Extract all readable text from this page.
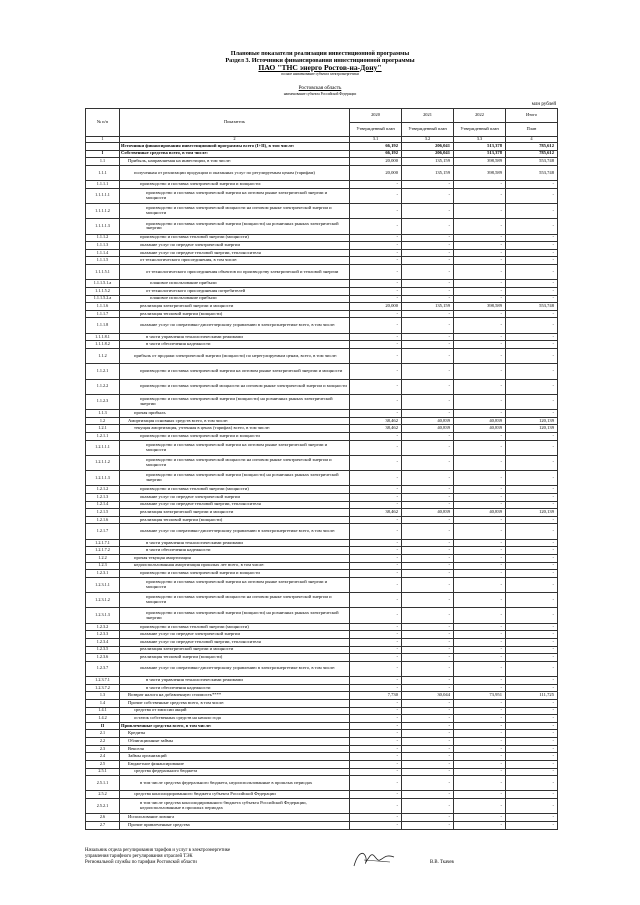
Плановые показатели реализации инвестиционной программы
Раздел 3. Источники финансирования инвестиционной программы
ПАО "ТНС энерго Ростов-на-Дону"
полное наименование субъекта электроэнергетики
Ростовская область
наименование субъекта Российской Федерации
млн рублей
№ п/п	Показатель	2020	2021	2022	Итого
		Утвержденный план	Утвержденный план	Утвержденный план	План
1	2	3.1	3.2	3.3	4
	Источники финансирования инвестиционной программы всего (I+II), в том числе:	66,192	206,041	513,378	785,612
I	Собственные средства всего, в том числе:	66,192	206,041	513,378	785,612
1.1	Прибыль, направляемая на инвестиции, в том числе:	20,000	135,159	398,589	553,748
1.1.1	полученная от реализации продукции и оказанных услуг по регулируемым ценам (тарифам)	20,000	135,159	398,589	553,748
1.1.1.1	производство и поставка электрической энергии и мощности:	-	-	-	-
1.1.1.1.1	производство и поставка электрической энергии на оптовом рынке электрической энергии и мощности	-	-	-	-
1.1.1.1.2	производство и поставка электрической мощности на оптовом рынке электрической энергии и мощности	-	-	-	-
1.1.1.1.3	производство и поставка электрической энергии (мощности) на розничных рынках электрической энергии	-	-	-	-
1.1.1.2	производство и поставка тепловой энергии (мощности)	-	-	-	-
1.1.1.3	оказание услуг по передаче электрической энергии	-	-	-	-
1.1.1.4	оказание услуг по передаче тепловой энергии, теплоносителя	-	-	-	-
1.1.1.5	от технологического присоединения, в том числе:	-	-	-	-
1.1.1.5.1	от технологического присоединения объектов по производству электрической и тепловой энергии	-	-	-	-
1.1.1.5.1.a	плановое использование прибыли	-	-	-	-
1.1.1.5.2	от технологического присоединения потребителей	-	-	-	-
1.1.1.5.2.a	плановое использование прибыли	-	-	-	-
1.1.1.6	реализация электрической энергии и мощности	20,000	135,159	398,589	553,748
1.1.1.7	реализация тепловой энергии (мощности)	-	-	-	-
1.1.1.8	оказание услуг по оперативно-диспетчерскому управлению в электроэнергетике всего, в том числе:	-	-	-	-
1.1.1.8.1	в части управления технологическими режимами	-	-	-	-
1.1.1.8.2	в части обеспечения надежности	-	-	-	-
1.1.2	прибыль от продажи электрической энергии (мощности) по нерегулируемым ценам, всего, в том числе:	-	-	-	-
1.1.2.1	производство и поставка электрической энергии на оптовом рынке электрической энергии и мощности	-	-	-	-
1.1.2.2	производство и поставка электрической мощности на оптовом рынке электрической энергии и мощности	-	-	-	-
1.1.2.3	производство и поставка электрической энергии (мощности) на розничных рынках электрической энергии	-	-	-	-
1.1.3	прочая прибыль	-	-	-	-
1.2	Амортизация основных средств всего, в том числе:	38,462	40,839	40,839	120,139
1.2.1	текущая амортизация, учтенная в ценах (тарифах) всего, в том числе:	38,462	40,839	40,839	120,139
1.2.1.1	производство и поставка электрической энергии и мощности	-	-	-	-
1.2.1.1.1	производство и поставка электрической энергии на оптовом рынке электрической энергии и мощности	-	-	-	-
1.2.1.1.2	производство и поставка электрической мощности на оптовом рынке электрической энергии и мощности	-	-	-	-
1.2.1.1.3	производство и поставка электрической энергии (мощности) на розничных рынках электрической энергии	-	-	-	-
1.2.1.2	производство и поставка тепловой энергии (мощности)	-	-	-	-
1.2.1.3	оказание услуг по передаче электрической энергии	-	-	-	-
1.2.1.4	оказание услуг по передаче тепловой энергии, теплоносителя	-	-	-	-
1.2.1.5	реализация электрической энергии и мощности	38,462	40,839	40,839	120,139
1.2.1.6	реализация тепловой энергии (мощности)	-	-	-	-
1.2.1.7	оказание услуг по оперативно-диспетчерскому управлению в электроэнергетике всего, в том числе:	-	-	-	-
1.2.1.7.1	в части управления технологическими режимами	-	-	-	-
1.2.1.7.2	в части обеспечения надежности	-	-	-	-
1.2.2	прочая текущая амортизация	-	-	-	-
1.2.3	недоиспользованная амортизация прошлых лет всего, в том числе:	-	-	-	-
1.2.3.1	производство и поставка электрической энергии и мощности	-	-	-	-
1.2.3.1.1	производство и поставка электрической энергии на оптовом рынке электрической энергии и мощности	-	-	-	-
1.2.3.1.2	производство и поставка электрической мощности на оптовом рынке электрической энергии и мощности	-	-	-	-
1.2.3.1.3	производство и поставка электрической энергии (мощности) на розничных рынках электрической энергии	-	-	-	-
1.2.3.2	производство и поставка тепловой энергии (мощности)	-	-	-	-
1.2.3.3	оказание услуг по передаче электрической энергии	-	-	-	-
1.2.3.4	оказание услуг по передаче тепловой энергии, теплоносителя	-	-	-	-
1.2.3.5	реализация электрической энергии и мощности	-	-	-	-
1.2.3.6	реализация тепловой энергии (мощности)	-	-	-	-
1.2.3.7	оказание услуг по оперативно-диспетчерскому управлению в электроэнергетике всего, в том числе:	-	-	-	-
1.2.3.7.1	в части управления технологическими режимами	-	-	-	-
1.2.3.7.2	в части обеспечения надежности	-	-	-	-
1.3	Возврат налога на добавленную стоимость****	7,730	30,044	73,951	111,725
1.4	Прочие собственные средства всего, в том числе:	-	-	-	-
1.4.1	средства от эмиссии акций	-	-	-	-
1.4.2	остаток собственных средств на начало года	-	-	-	-
II	Привлеченные средства всего, в том числе:	-	-	-	-
2.1	Кредиты	-	-	-	-
2.2	Облигационные займы	-	-	-	-
2.3	Векселя	-	-	-	-
2.4	Займы организаций	-	-	-	-
2.5	Бюджетное финансирование	-	-	-	-
2.5.1	средства федерального бюджета	-	-	-	-
2.5.1.1	в том числе средства федерального бюджета, недоиспользованные в прошлых периодах	-	-	-	-
2.5.2	средства консолидированного бюджета субъекта Российской Федерации	-	-	-	-
2.5.2.1	в том числе средства консолидированного бюджета субъекта Российской Федерации, недоиспользованные в прошлых периодах	-	-	-	-
2.6	Использование лизинга	-	-	-	-
2.7	Прочие привлеченные средства	-	-	-	-
Начальник отдела регулирования тарифов и услуг в электроэнергетике
управления тарифного регулирования отраслей ТЭК
Региональной службы по тарифам Ростовской области	В.В. Ткачев
